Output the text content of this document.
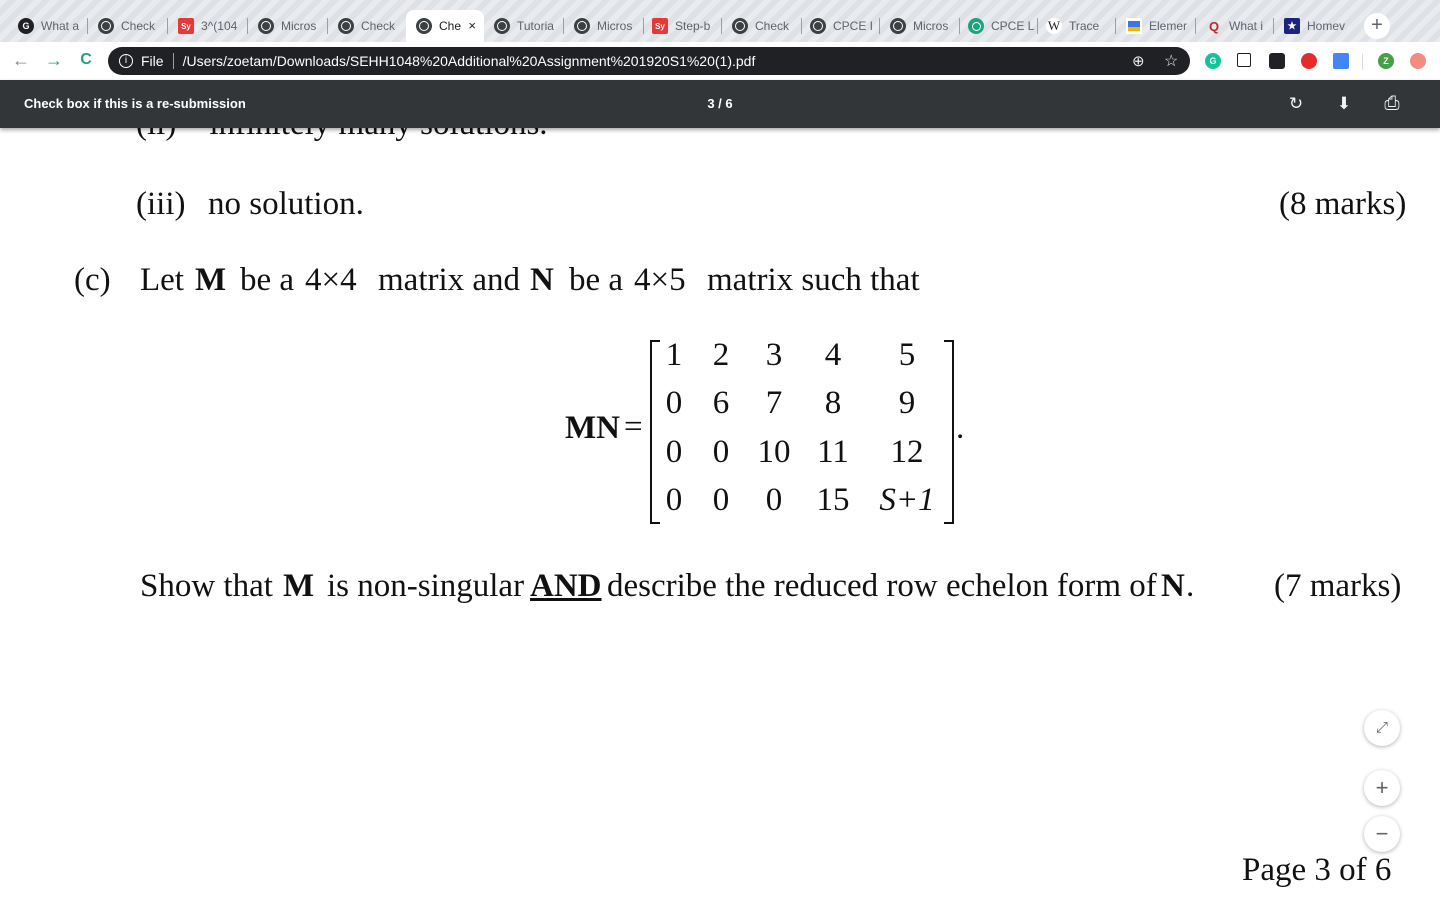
G What a	Check	Sy 3^(104	Micros	Check	Che ×	Tutoria	Micros	Sy Step-b	Check	CPCE I	Micros	CPCE L W Trace	Elemer Q What i	★ Homev	+
← →	C	i File /Users/zoetam/Downloads/SEHH1048%20Additional%20Assignment%201920S1%20(1).pdf	⊕ ☆	G	Z
Check box if this is a re-submission	3 / 6	↻ ⬇ ⎙
(iii) no solution.	(8 marks)
(c) Let M be a 4×4 matrix and N be a 4×5 matrix such that
MN =
1 2	3	4	5
0 6	7	8	9
0 0 10 11	12
0 0	0	15 S+1
.
Show that M is non-singular AND describe the reduced row echelon form of N . (7 marks)
Page 3 of 6
⤢
+
−
